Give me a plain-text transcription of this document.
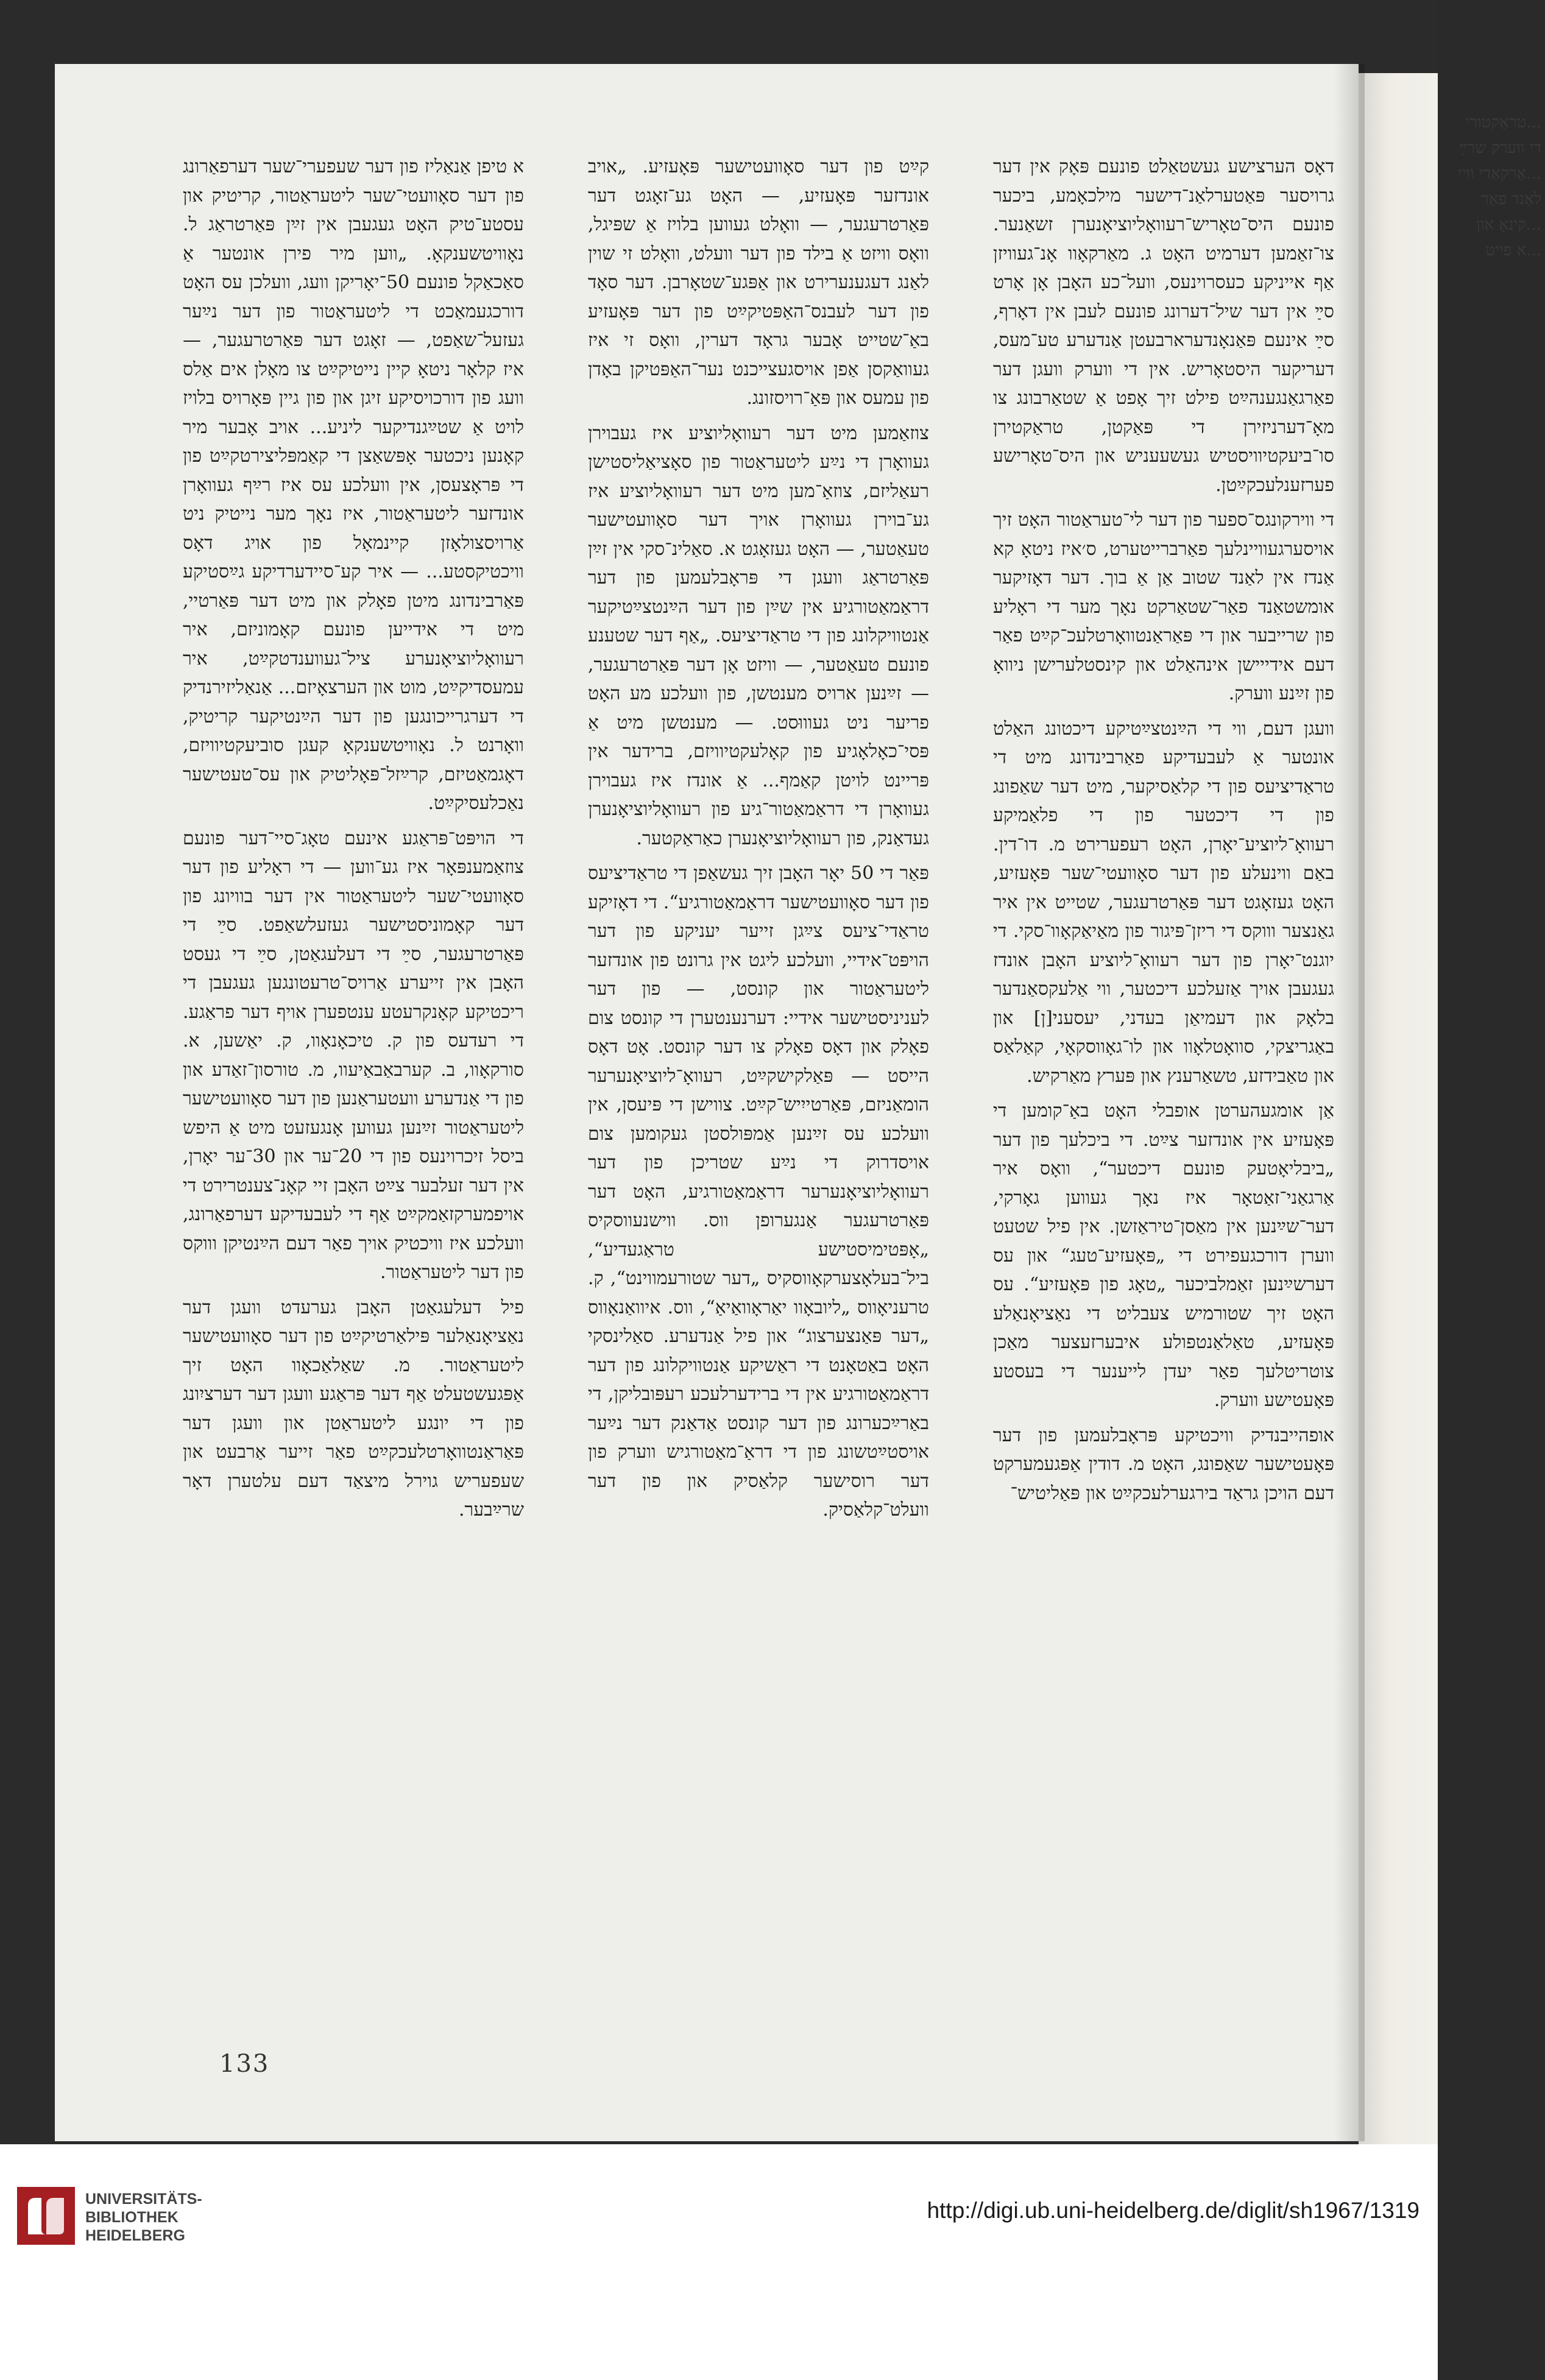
...טראַקטורי
די ווערק שרײַ
...אַרקאַדי וויי
לאַנד פאַר
...קינאָ און
...א פייט

דאָס הערצישע געשטאַלט פונעם פּאָק אין דער גרויסער פּאַטערלאַנ־דישער מילכאָמע, ביכער פונעם היס־טאָריש־רעוואָליוציאָנערן זשאַנער. צו־זאַמען דערמיט האָט ג. מאַרקאָוו אָנ־געוויזן אַף אייניקע כעסרוינעס, וועל־כע האָבן אָן אָרט סײַ אין דער שיל־דערונג פונעם לעבן אין דאָרף, סײַ אינעם פּאַנאָנדערארבעטן אַנדערע טע־מעס, דעריקער היסטאָריש. אין די ווערק וועגן דער פאַרגאַנגענהײַט פילט זיך אָפט אַ שטאַרבונג צו מאָ־דערניזירן די פּאַקטן, טראַקטירן סו־ביעקטיוויסטיש געשעעניש און היס־טאָרישע פערזענלעכקײַטן.

די ווירקונגס־ספער פון דער לי־טעראַטור האָט זיך אויסערגעוויינלעך פאַרברייטערט, ס׳איז ניטאָ קא אַנדז אין לאַנד שטוב אַן אַ בוך. דער דאָזיקער אומשטאַנד פאַר־שטאַרקט נאָך מער די ראָליע פון שרייבער און די פּאַראַנטוואָרטלעכ־קײַט פאַר דעם אידייישן אינהאַלט און קינסטלערישן ניוואָ פון זײַנע ווערק.

וועגן דעם, ווי די הײַנטצײַטיקע דיכטונג האַלט אונטער אַ לעבעדיקע פאַרבינדונג מיט די טראַדיציעס פון די קלאַסיקער, מיט דער שאַפונג פון די דיכטער פון די פלאַמיקע רעוואָ־ליוציע־יאָרן, האָט רעפערירט מ. דו־דין. באַם ווינעלע פון דער סאָוועטי־שער פּאָעזיע, האָט געזאָגט דער פּאַרטרעגער, שטייט אין איר גאַנצער וווקס די ריזן־פּיגור פון מאַיאַקאָוו־סקי. די יוגנט־יאָרן פון דער רעוואָ־ליוציע האָבן אונדז געגעבן אויך אַזעלכע דיכטער, ווי אַלעקסאַנדער בלאָק און דעמיאַן בעדני, יעסעני[ן] און באַגריצקי, סוואָטלאָוו און לו־גאָווסקאָי, קאַלאַס און טאַבידזע, טשאַרענץ און פּערץ מאַרקיש.

אַן אומגעהערטן אופבלי האָט באַ־קומען די פּאָעזיע אין אונדזער צײַט. די ביכלעך פון דער „ביבליאָטעק פונעם דיכטער“, וואָס איר אַרגאַני־זאַטאָר איז נאָך געווען גאָרקי, דער־שײַנען אין מאַסן־טיראַזשן. אין פיל שטעט ווערן דורכגעפירט די „פּאָעזיע־טעג“ און עס דערשײַנען זאַמלביכער „טאָג פון פּאָעזיע“. עס האָט זיך שטורמיש צעבליט די נאַציאָנאַלע פּאָעזיע, טאַלאַנטפולע איבערזעצער מאַכן צוטריטלעך פאַר יעדן לייענער די בעסטע פּאָעטישע ווערק.

אופהייבנדיק וויכטיקע פּראָבלעמען פון דער פּאָעטישער שאַפונג, האָט מ. דודין אַפּגעמערקט דעם הויכן גראַד בירגערלעכקײַט און פּאַליטיש־

קײַט פון דער סאָוועטישער פּאָעזיע. „אויב אונדזער פּאָעזיע, — האָט גע־זאָגט דער פּאַרטרעגער, — וואָלט געווען בלויז אַ שפּיגל, וואָס וויזט אַ בילד פון דער וועלט, וואָלט זי שוין לאַנג דעגענערירט און אַפּגע־שטאָרבן. דער סאָד פון דער לעבנס־האַפּטיקײַט פון דער פּאָעזיע באַ־שטייט אָבער גראָד דערין, וואָס זי איז געוואַקסן אַפן אויסגעצייכנט נער־האַפּטיקן באָדן פון עמעס און פּאַ־רויסזונג.

צוזאַמען מיט דער רעוואָליוציע איז געבוירן געוואָרן די נײַע ליטעראַטור פון סאָציאַליסטישן רעאַליזם, צוזאַ־מען מיט דער רעוואָליוציע איז גע־בוירן געוואָרן אויך דער סאָוועטישער טעאַטער, — האָט געזאָגט א. סאַלינ־סקי אין זײַן פּאַרטראַג וועגן די פּראָבלעמען פון דער דראַמאַטורגיע אין שײַן פון דער הײַנטצײַטיקער אַנטוויקלונג פון די טראַדיציעס. „אַף דער שטענע פונעם טעאַטער, — וויזט אָן דער פּאַרטרעגער, — זײַנען ארויס מענטשן, פון וועלכע מע האָט פריער ניט געוווּסט. — מענטשן מיט אַ פּסי־כאָלאָגיע פון קאָלעקטיוויזם, ברידער אין פּריינט לויטן קאַמף... אַ אונדז איז געבוירן געוואָרן די דראַמאַטור־גיע פון רעוואָליוציאָנערן געדאַנק, פון רעוואָליוציאָנערן כאַראַקטער.

פּאַר די 50 יאָר האָבן זיך געשאַפן די טראַדיציעס פון דער סאָוועטישער דראַמאַטורגיע“. די דאָזיקע טראַדי־ציעס צײַגן זייער יעניקע פון דער הויפּט־אידיי, וועלכע ליגט אין גרונט פון אונדזער ליטעראַטור און קונסט, — פון דער לעניניסטישער אידיי: דערנענטערן די קונסט צום פאָלק און דאָס פאָלק צו דער קונסט. אָט דאָס הייסט — פּאַלקישקײַט, רעוואָ־ליוציאָנערער הומאַניזם, פּאַרטייִיש־קײַט. צווישן די פּיעסן, אין וועלכע עס זײַנען אַמפּולסטן געקומען צום אויסדרוק די נײַע שטריכן פון דער רעוואָליוציאָנערער דראַמאַטורגיע, האָט דער פּאַרטרעגער אַנגערופן ווס. ווישנעווסקיס „אָפּטימיסטישע טראַגעדיע“, ביל־בעלאָצערקאָווסקיס „דער שטורעמווינט“, ק. טרעניאָווס „ליובאָוו יאַראָוואַיאַ“, ווס. איוואַנאָווס „דער פּאַנצערצוג“ און פיל אַנדערע. סאַלינסקי האָט באַטאָנט די ראַשיקע אַנטוויקלונג פון דער דראַמאַטורגיע אין די ברידערלעכע רעפּובליקן, די באַרײַכערונג פון דער קונסט אַדאַנק דער נײַער אויסטײַטשונג פון די דראַ־מאַטורגיש ווערק פון דער רוסישער קלאַסיק און פון דער וועלט־קלאַסיק.

א טיפן אַנאַליז פון דער שעפערי־שער דערפאַרונג פון דער סאָוועטי־שער ליטעראַטור, קריטיק און עסטע־טיק האָט געגעבן אין זײַן פּאַרטראַג ל. נאָוויטשענקאָ. „ווען מיר פירן אונטער אַ סאַכאַקל פונעם 50־יאָריקן וועג, וועלכן עס האָט דורכגעמאַכט די ליטעראַטור פון דער נײַער געזעל־שאַפט, — זאָגט דער פּאַרטרעגער, — איז קלאָר ניטאָ קיין נייטיקײַט צו מאָלן אים אַלס וועג פון דורכויסיקע זיגן און פון גיין פּאָרויס בלויז לויט אַ שטײַגנדיקער ליניע... אויב אָבער מיר קאָנען ניכטער אָפּשאַצן די קאַמפּליצירטקײַט פון די פּראָצעסן, אין וועלכע עס איז רײַף געוואָרן אונדזער ליטעראַטור, איז נאָך מער נייטיק ניט אַרויסצולאָזן קיינמאָל פון אויג דאָס וויכטיקסטע... — איר קע־סיידערדיקע גײַסטיקע פּאַרבינדונג מיטן פאָלק און מיט דער פּאַרטיי, מיט די אידייען פונעם קאָמוניזם, איר רעוואָליוציאָנערע ציל־געווענדטקײַט, איר עמעסדיקײַט, מוט און הערצאָיזם... אַנאַליזירנדיק די דערגרייכונגען פון דער הײַנטיקער קריטיק, וואָרנט ל. נאָוויטשענקאָ קעגן סוביעקטיוויזם, דאָגמאַטיזם, קרײַזל־פּאָליטיק און עס־טעטישער נאַכלעסיקײַט.

די הויפּט־פּראַגע אינעם טאָג־סיי־דער פונעם צוזאַמענפּאָר איז גע־ווען — די ראָליע פון דער סאָוועטי־שער ליטעראַטור אין דער בוויונג פון דער קאָמוניסטישער געזעלשאַפט. סײַ די פּאַרטרעגער, סײַ די דעלעגאַטן, סײַ די געסט האָבן אין זייערע אַרויס־טרעטונגען געגעבן די ריכטיקע קאָנקרעטע ענטפערן אויף דער פראַגע. די רעדעס פון ק. טיכאָנאָוו, ק. יאַשען, א. סורקאָוו, ב. קערבאַבאַיעוו, מ. טורסון־זאַדע און פון די אַנדערע וועטעראַנען פון דער סאָוועטישער ליטעראַטור זײַנען געווען אָנגעזעט מיט אַ היפש ביסל זיכרוינעס פון די 20־ער און 30־ער יאָרן, אין דער זעלבער צײַט האָבן זיי קאָנ־צענטרירט די אויפמערקזאַמקײַט אַף די לעבעדיקע דערפאַרונג, וועלכע איז וויכטיק אויך פאַר דעם הײַנטיקן וווקס פון דער ליטעראַטור.

פיל דעלעגאַטן האָבן גערעדט וועגן דער נאַציאָנאַלער פּילאַרטיקײַט פון דער סאָוועטישער ליטעראַטור. מ. שאַלאַכאָוו האָט זיך אַפּגעשטעלט אַף דער פּראַגע וועגן דער דערציִונג פון די יונגע ליטעראַטן און וועגן דער פּאַראַנטוואָרטלעכקײַט פאַר זייער אַרבעט און שעפעריש גוירל מיצאַד דעם עלטערן דאָר שרײַבער.

133
UNIVERSITÄTS-
BIBLIOTHEK
HEIDELBERG
http://digi.ub.uni-heidelberg.de/diglit/sh1967/1319
